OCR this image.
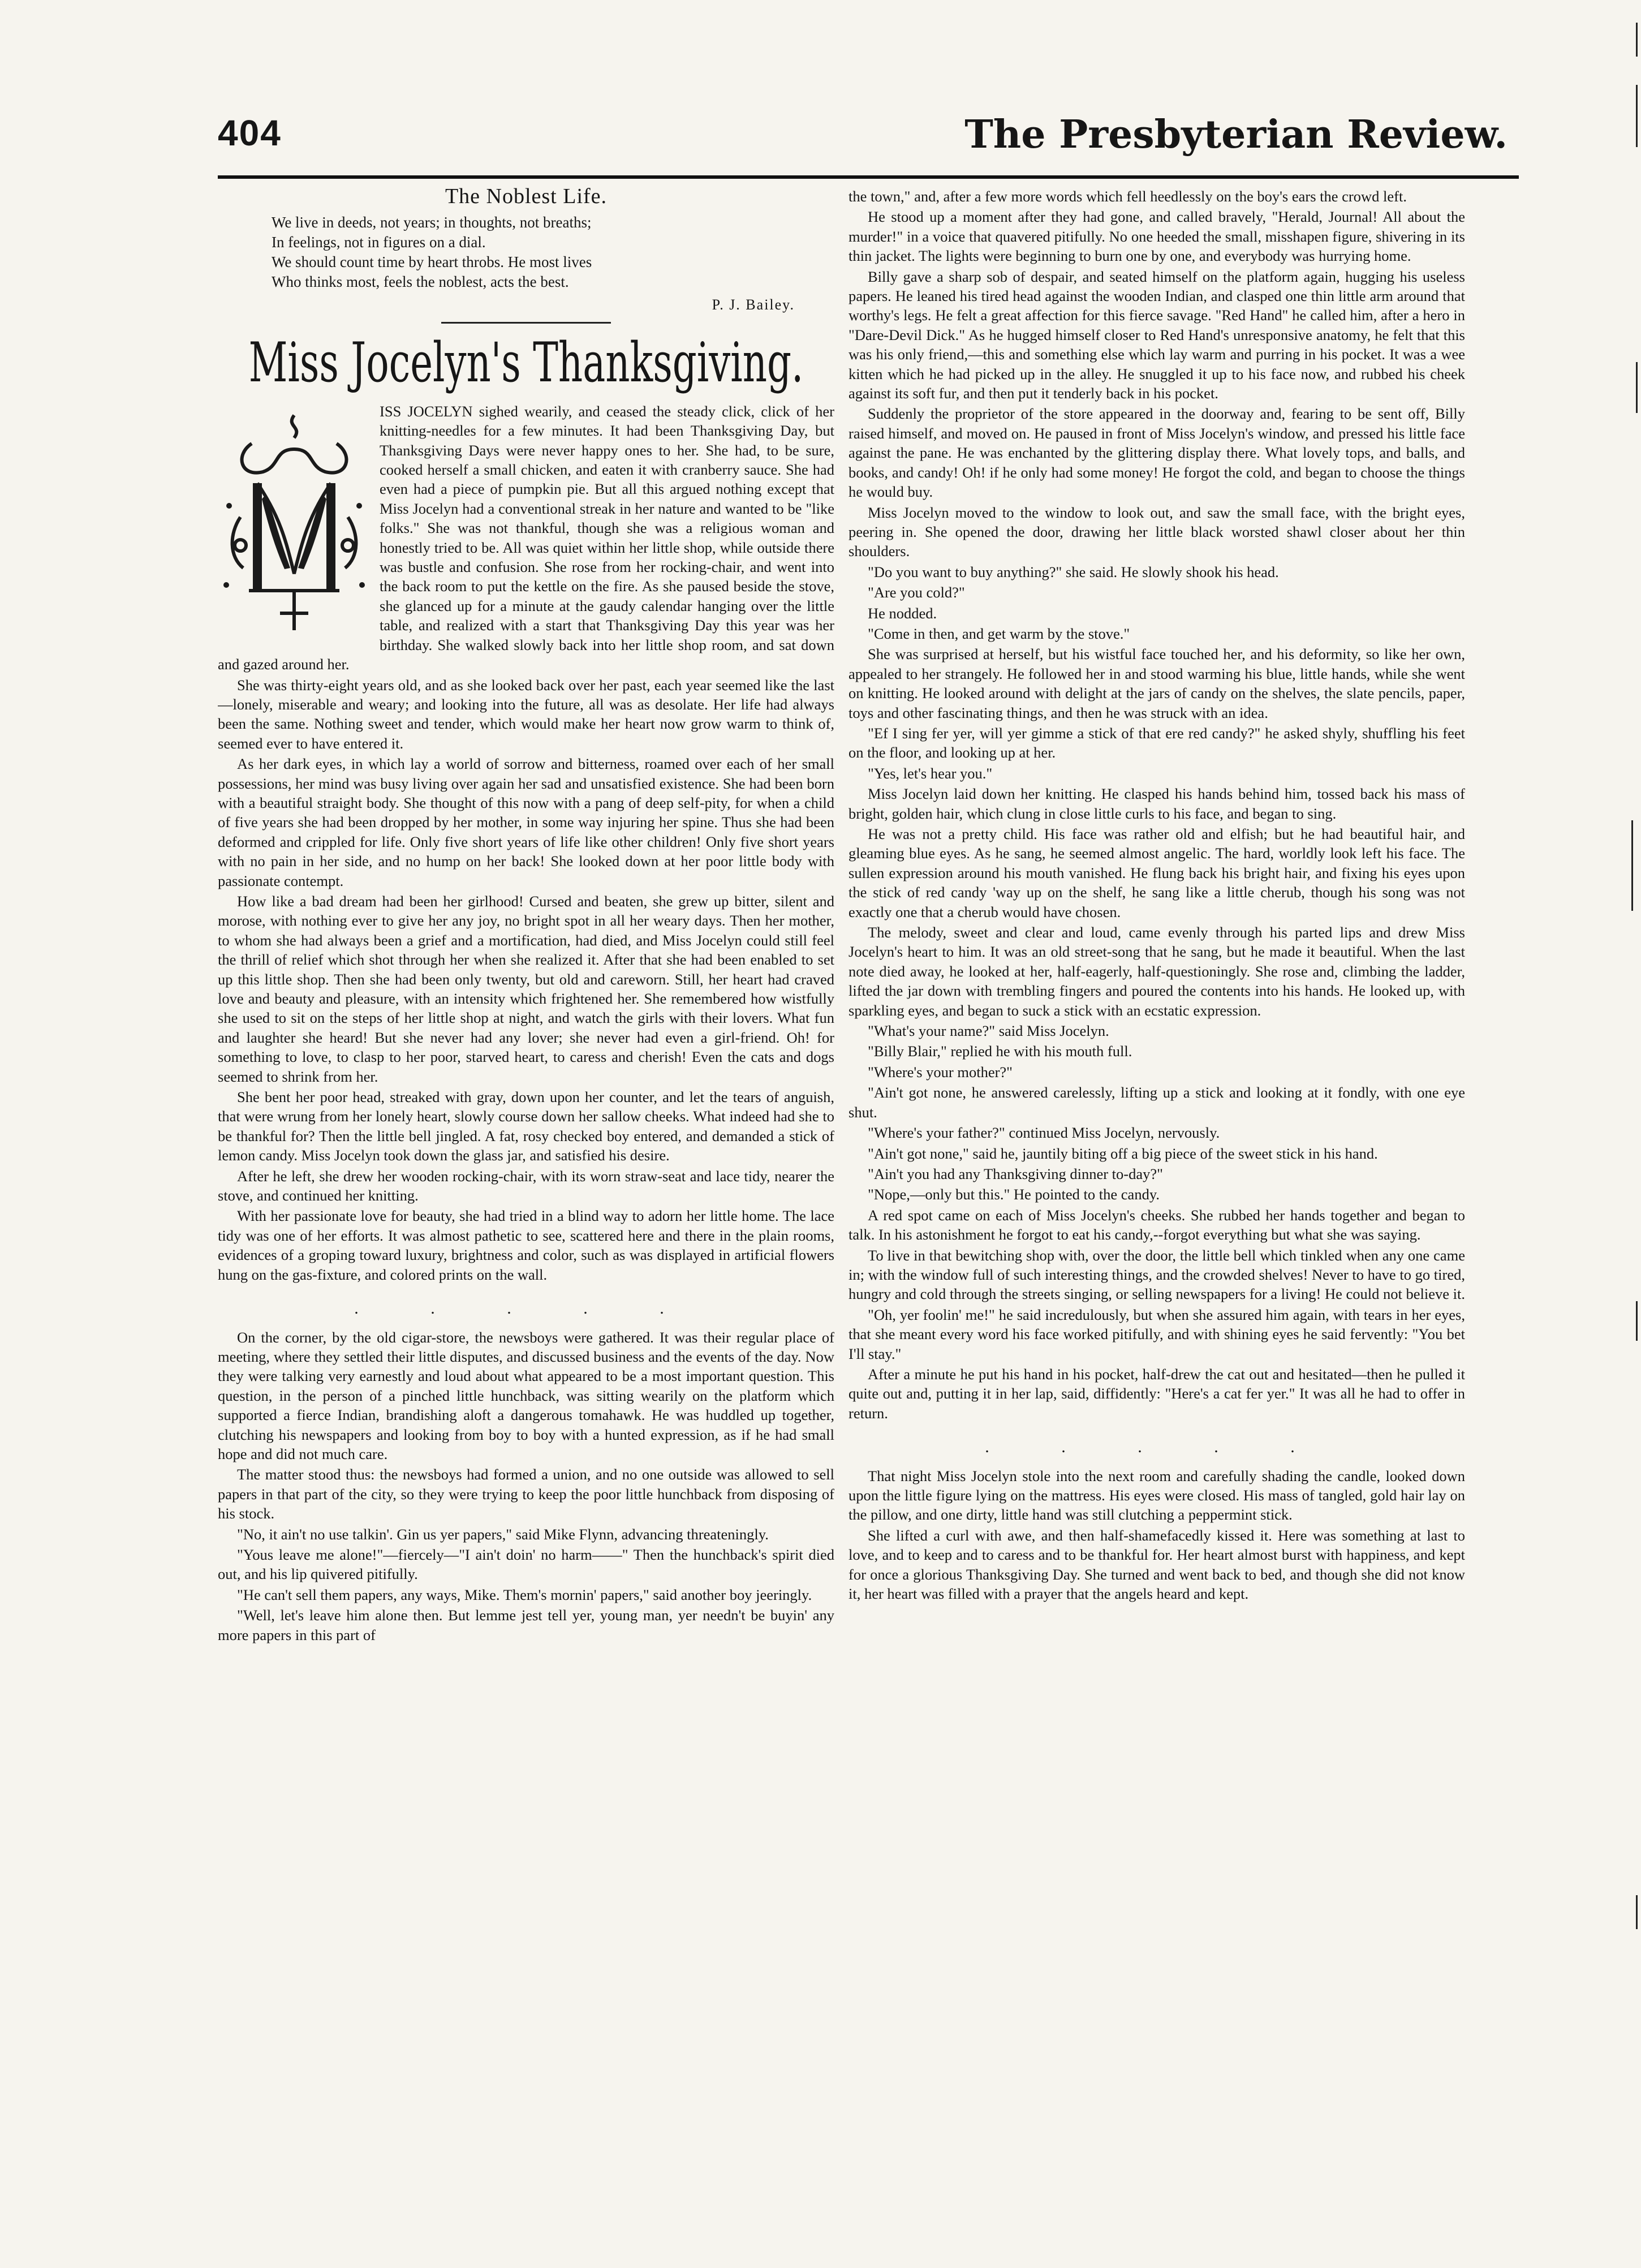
404	The Presbyterian Review.
The Noblest Life.
We live in deeds, not years; in thoughts, not breaths;
In feelings, not in figures on a dial.
We should count time by heart throbs. He most lives
Who thinks most, feels the noblest, acts the best.
P. J. Bailey.
Miss Jocelyn's Thanksgiving.

ISS JOCELYN sighed wearily, and ceased the steady click, click of her knitting-needles for a few minutes. It had been Thanksgiving Day, but Thanksgiving Days were never happy ones to her. She had, to be sure, cooked herself a small chicken, and eaten it with cranberry sauce. She had even had a piece of pumpkin pie. But all this argued nothing except that Miss Jocelyn had a conventional streak in her nature and wanted to be "like folks." She was not thankful, though she was a religious woman and honestly tried to be. All was quiet within her little shop, while outside there was bustle and confusion. She rose from her rocking-chair, and went into the back room to put the kettle on the fire. As she paused beside the stove, she glanced up for a minute at the gaudy calendar hanging over the little table, and realized with a start that Thanksgiving Day this year was her birthday. She walked slowly back into her little shop room, and sat down and gazed around her.

She was thirty-eight years old, and as she looked back over her past, each year seemed like the last—lonely, miserable and weary; and looking into the future, all was as desolate. Her life had always been the same. Nothing sweet and tender, which would make her heart now grow warm to think of, seemed ever to have entered it.

As her dark eyes, in which lay a world of sorrow and bitterness, roamed over each of her small possessions, her mind was busy living over again her sad and unsatisfied existence. She had been born with a beautiful straight body. She thought of this now with a pang of deep self-pity, for when a child of five years she had been dropped by her mother, in some way injuring her spine. Thus she had been deformed and crippled for life. Only five short years of life like other children! Only five short years with no pain in her side, and no hump on her back! She looked down at her poor little body with passionate contempt.

How like a bad dream had been her girlhood! Cursed and beaten, she grew up bitter, silent and morose, with nothing ever to give her any joy, no bright spot in all her weary days. Then her mother, to whom she had always been a grief and a mortification, had died, and Miss Jocelyn could still feel the thrill of relief which shot through her when she realized it. After that she had been enabled to set up this little shop. Then she had been only twenty, but old and careworn. Still, her heart had craved love and beauty and pleasure, with an intensity which frightened her. She remembered how wistfully she used to sit on the steps of her little shop at night, and watch the girls with their lovers. What fun and laughter she heard! But she never had any lover; she never had even a girl-friend. Oh! for something to love, to clasp to her poor, starved heart, to caress and cherish! Even the cats and dogs seemed to shrink from her.

She bent her poor head, streaked with gray, down upon her counter, and let the tears of anguish, that were wrung from her lonely heart, slowly course down her sallow cheeks. What indeed had she to be thankful for? Then the little bell jingled. A fat, rosy checked boy entered, and demanded a stick of lemon candy. Miss Jocelyn took down the glass jar, and satisfied his desire.

After he left, she drew her wooden rocking-chair, with its worn straw-seat and lace tidy, nearer the stove, and continued her knitting.

With her passionate love for beauty, she had tried in a blind way to adorn her little home. The lace tidy was one of her efforts. It was almost pathetic to see, scattered here and there in the plain rooms, evidences of a groping toward luxury, brightness and color, such as was displayed in artificial flowers hung on the gas-fixture, and colored prints on the wall.

. . . . .

On the corner, by the old cigar-store, the newsboys were gathered. It was their regular place of meeting, where they settled their little disputes, and discussed business and the events of the day. Now they were talking very earnestly and loud about what appeared to be a most important question. This question, in the person of a pinched little hunchback, was sitting wearily on the platform which supported a fierce Indian, brandishing aloft a dangerous tomahawk. He was huddled up together, clutching his newspapers and looking from boy to boy with a hunted expression, as if he had small hope and did not much care.

The matter stood thus: the newsboys had formed a union, and no one outside was allowed to sell papers in that part of the city, so they were trying to keep the poor little hunchback from disposing of his stock.

"No, it ain't no use talkin'. Gin us yer papers," said Mike Flynn, advancing threateningly.

"Yous leave me alone!"—fiercely—"I ain't doin' no harm——" Then the hunchback's spirit died out, and his lip quivered pitifully.

"He can't sell them papers, any ways, Mike. Them's mornin' papers," said another boy jeeringly.

"Well, let's leave him alone then. But lemme jest tell yer, young man, yer needn't be buyin' any more papers in this part of

the town," and, after a few more words which fell heedlessly on the boy's ears the crowd left.

He stood up a moment after they had gone, and called bravely, "Herald, Journal! All about the murder!" in a voice that quavered pitifully. No one heeded the small, misshapen figure, shivering in its thin jacket. The lights were beginning to burn one by one, and everybody was hurrying home.

Billy gave a sharp sob of despair, and seated himself on the platform again, hugging his useless papers. He leaned his tired head against the wooden Indian, and clasped one thin little arm around that worthy's legs. He felt a great affection for this fierce savage. "Red Hand" he called him, after a hero in "Dare-Devil Dick." As he hugged himself closer to Red Hand's unresponsive anatomy, he felt that this was his only friend,—this and something else which lay warm and purring in his pocket. It was a wee kitten which he had picked up in the alley. He snuggled it up to his face now, and rubbed his cheek against its soft fur, and then put it tenderly back in his pocket.

Suddenly the proprietor of the store appeared in the doorway and, fearing to be sent off, Billy raised himself, and moved on. He paused in front of Miss Jocelyn's window, and pressed his little face against the pane. He was enchanted by the glittering display there. What lovely tops, and balls, and books, and candy! Oh! if he only had some money! He forgot the cold, and began to choose the things he would buy.

Miss Jocelyn moved to the window to look out, and saw the small face, with the bright eyes, peering in. She opened the door, drawing her little black worsted shawl closer about her thin shoulders.

"Do you want to buy anything?" she said. He slowly shook his head.

"Are you cold?"

He nodded.

"Come in then, and get warm by the stove."

She was surprised at herself, but his wistful face touched her, and his deformity, so like her own, appealed to her strangely. He followed her in and stood warming his blue, little hands, while she went on knitting. He looked around with delight at the jars of candy on the shelves, the slate pencils, paper, toys and other fascinating things, and then he was struck with an idea.

"Ef I sing fer yer, will yer gimme a stick of that ere red candy?" he asked shyly, shuffling his feet on the floor, and looking up at her.

"Yes, let's hear you."

Miss Jocelyn laid down her knitting. He clasped his hands behind him, tossed back his mass of bright, golden hair, which clung in close little curls to his face, and began to sing.

He was not a pretty child. His face was rather old and elfish; but he had beautiful hair, and gleaming blue eyes. As he sang, he seemed almost angelic. The hard, worldly look left his face. The sullen expression around his mouth vanished. He flung back his bright hair, and fixing his eyes upon the stick of red candy 'way up on the shelf, he sang like a little cherub, though his song was not exactly one that a cherub would have chosen.

The melody, sweet and clear and loud, came evenly through his parted lips and drew Miss Jocelyn's heart to him. It was an old street-song that he sang, but he made it beautiful. When the last note died away, he looked at her, half-eagerly, half-questioningly. She rose and, climbing the ladder, lifted the jar down with trembling fingers and poured the contents into his hands. He looked up, with sparkling eyes, and began to suck a stick with an ecstatic expression.

"What's your name?" said Miss Jocelyn.

"Billy Blair," replied he with his mouth full.

"Where's your mother?"

"Ain't got none, he answered carelessly, lifting up a stick and looking at it fondly, with one eye shut.

"Where's your father?" continued Miss Jocelyn, nervously.

"Ain't got none," said he, jauntily biting off a big piece of the sweet stick in his hand.

"Ain't you had any Thanksgiving dinner to-day?"

"Nope,—only but this." He pointed to the candy.

A red spot came on each of Miss Jocelyn's cheeks. She rubbed her hands together and began to talk. In his astonishment he forgot to eat his candy,--forgot everything but what she was saying.

To live in that bewitching shop with, over the door, the little bell which tinkled when any one came in; with the window full of such interesting things, and the crowded shelves! Never to have to go tired, hungry and cold through the streets singing, or selling newspapers for a living! He could not believe it.

"Oh, yer foolin' me!" he said incredulously, but when she assured him again, with tears in her eyes, that she meant every word his face worked pitifully, and with shining eyes he said fervently: "You bet I'll stay."

After a minute he put his hand in his pocket, half-drew the cat out and hesitated—then he pulled it quite out and, putting it in her lap, said, diffidently: "Here's a cat fer yer." It was all he had to offer in return.

. . . . .

That night Miss Jocelyn stole into the next room and carefully shading the candle, looked down upon the little figure lying on the mattress. His eyes were closed. His mass of tangled, gold hair lay on the pillow, and one dirty, little hand was still clutching a peppermint stick.

She lifted a curl with awe, and then half-shamefacedly kissed it. Here was something at last to love, and to keep and to caress and to be thankful for. Her heart almost burst with happiness, and kept for once a glorious Thanksgiving Day. She turned and went back to bed, and though she did not know it, her heart was filled with a prayer that the angels heard and kept.
